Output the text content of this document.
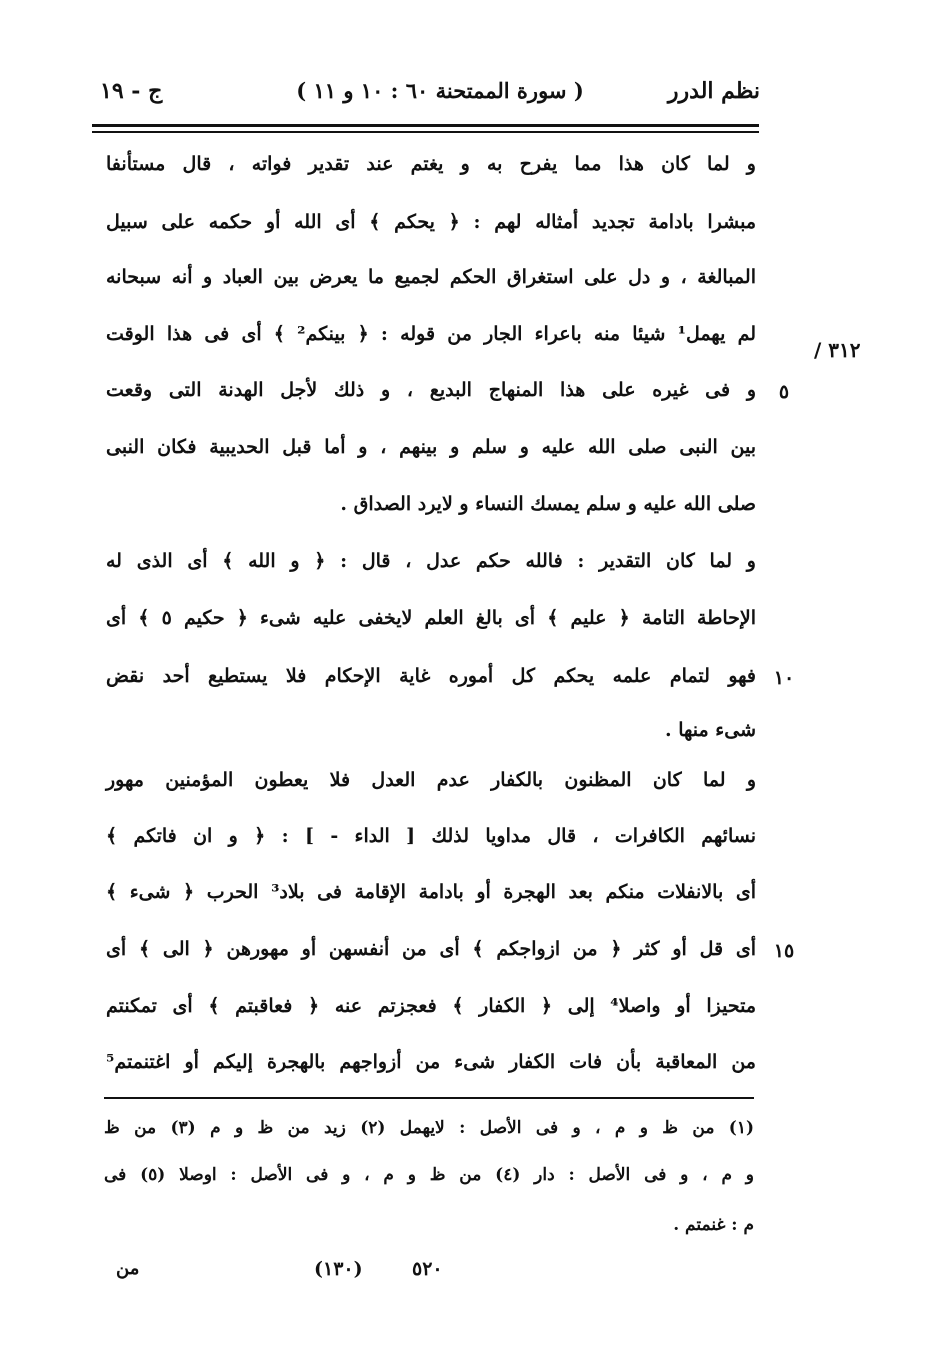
نظم الدرر
( سورة الممتحنة ٦٠ : ١٠ و ١١ )
ج - ١٩
٣١٢ /
٥
١٠
١٥
و لما كان هذا مما يفرح به و يغتم عند تقدير فواته ، قال مستأنفا
مبشرا بادامة تجديد أمثاله لهم : ﴿ يحكم ﴾ أى الله أو حكمه على سبيل
المبالغة ، و دل على استغراق الحكم لجميع ما يعرض بين العباد و أنه سبحانه
لم يهمل¹ شيئا منه باعراء الجار من قوله : ﴿ بينكم² ﴾ أى فى هذا الوقت
و فى غيره على هذا المنهاج البديع ، و ذلك لأجل الهدنة التى وقعت
بين النبى صلى الله عليه و سلم و بينهم ، و أما قبل الحديبية فكان النبى
صلى الله عليه و سلم يمسك النساء و لايرد الصداق .
و لما كان التقدير : فالله حكم عدل ، قال : ﴿ و الله ﴾ أى الذى له
الإحاطة التامة ﴿ عليم ﴾ أى بالغ العلم لايخفى عليه شىء ﴿ حكيم ٥ ﴾ أى
فهو لتمام علمه يحكم كل أموره غاية الإحكام فلا يستطيع أحد نقض
شىء منها .
و لما كان المظنون بالكفار عدم العدل فلا يعطون المؤمنين مهور
نسائهم الكافرات ، قال مداويا لذلك [ الداء - ] : ﴿ و ان فاتكم ﴾
أى بالانفلات منكم بعد الهجرة أو بادامة الإقامة فى بلاد³ الحرب ﴿ شىء ﴾
أى قل أو كثر ﴿ من ازواجكم ﴾ أى من أنفسهن أو مهورهن ﴿ الى ﴾ أى
متحيزا أو واصلا⁴ إلى ﴿ الكفار ﴾ فعجزتم عنه ﴿ فعاقبتم ﴾ أى تمكنتم
من المعاقبة بأن فات الكفار شىء من أزواجهم بالهجرة إليكم أو اغتنمتم⁵
(١) من ظ و م ، و فى الأصل : لايهمل (٢) زيد من ظ و م (٣) من ظ
و م ، و فى الأصل : دار (٤) من ظ و م ، و فى الأصل : اوصلا (٥) فى
م : غنمتم .
من	(١٣٠)	٥٢٠
